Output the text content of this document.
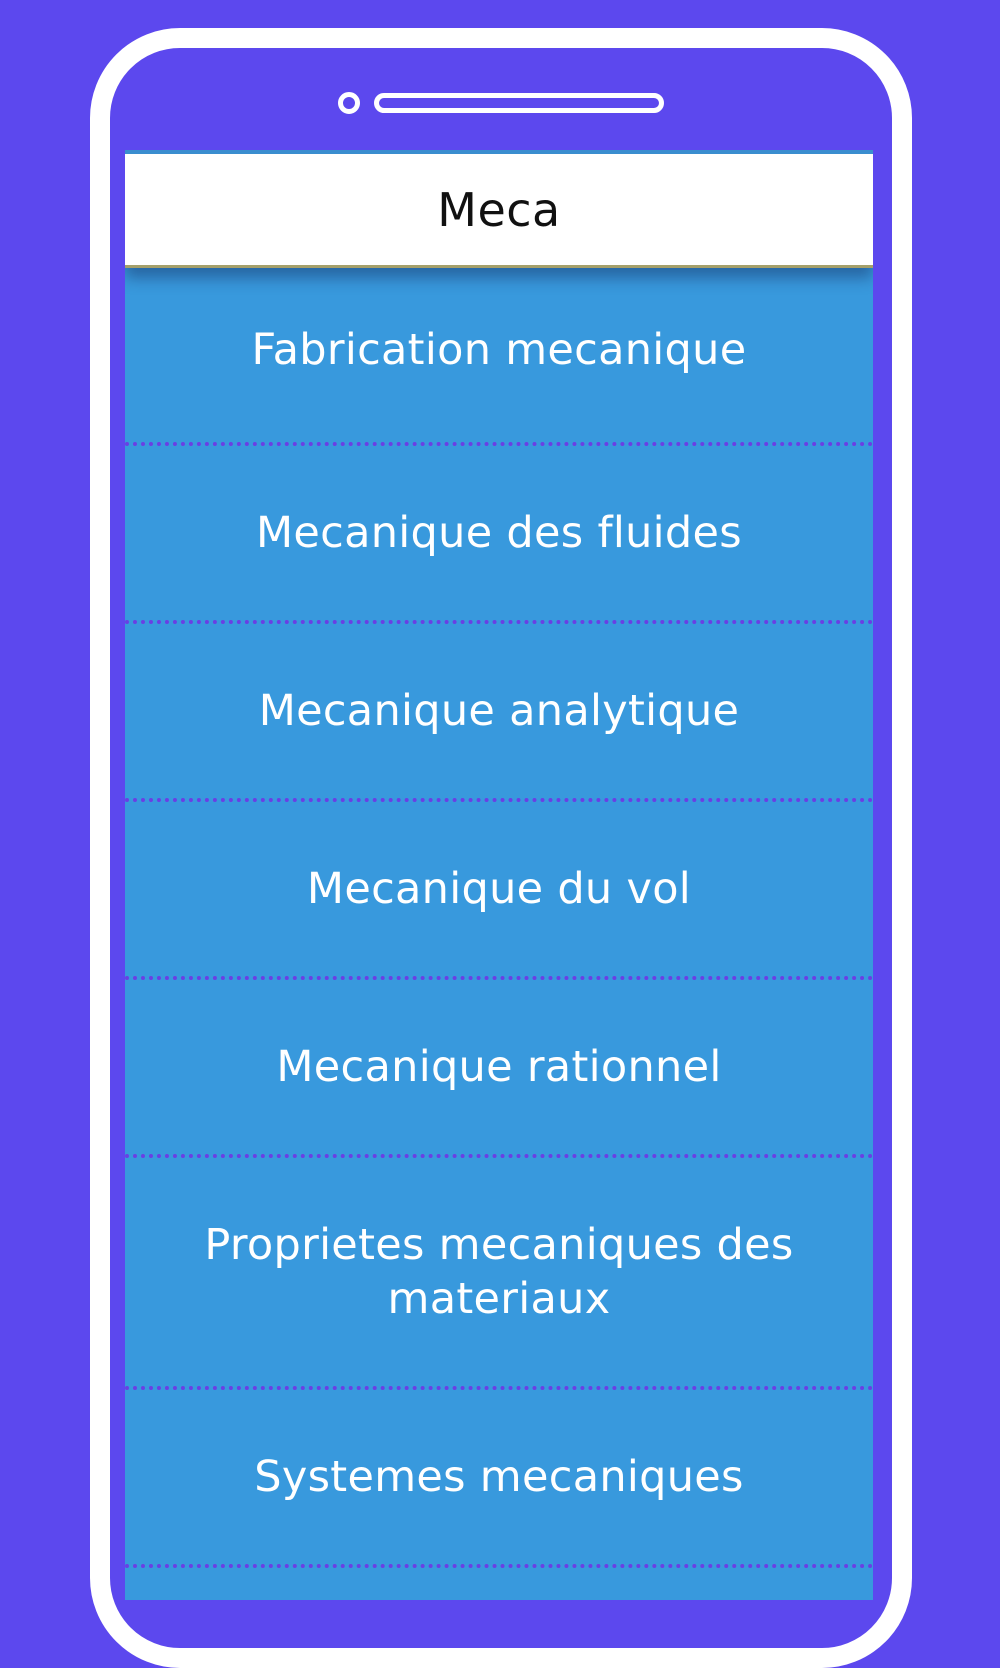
Meca
Fabrication mecanique
Mecanique des fluides
Mecanique analytique
Mecanique du vol
Mecanique rationnel
Proprietes mecaniques des materiaux
Systemes mecaniques
